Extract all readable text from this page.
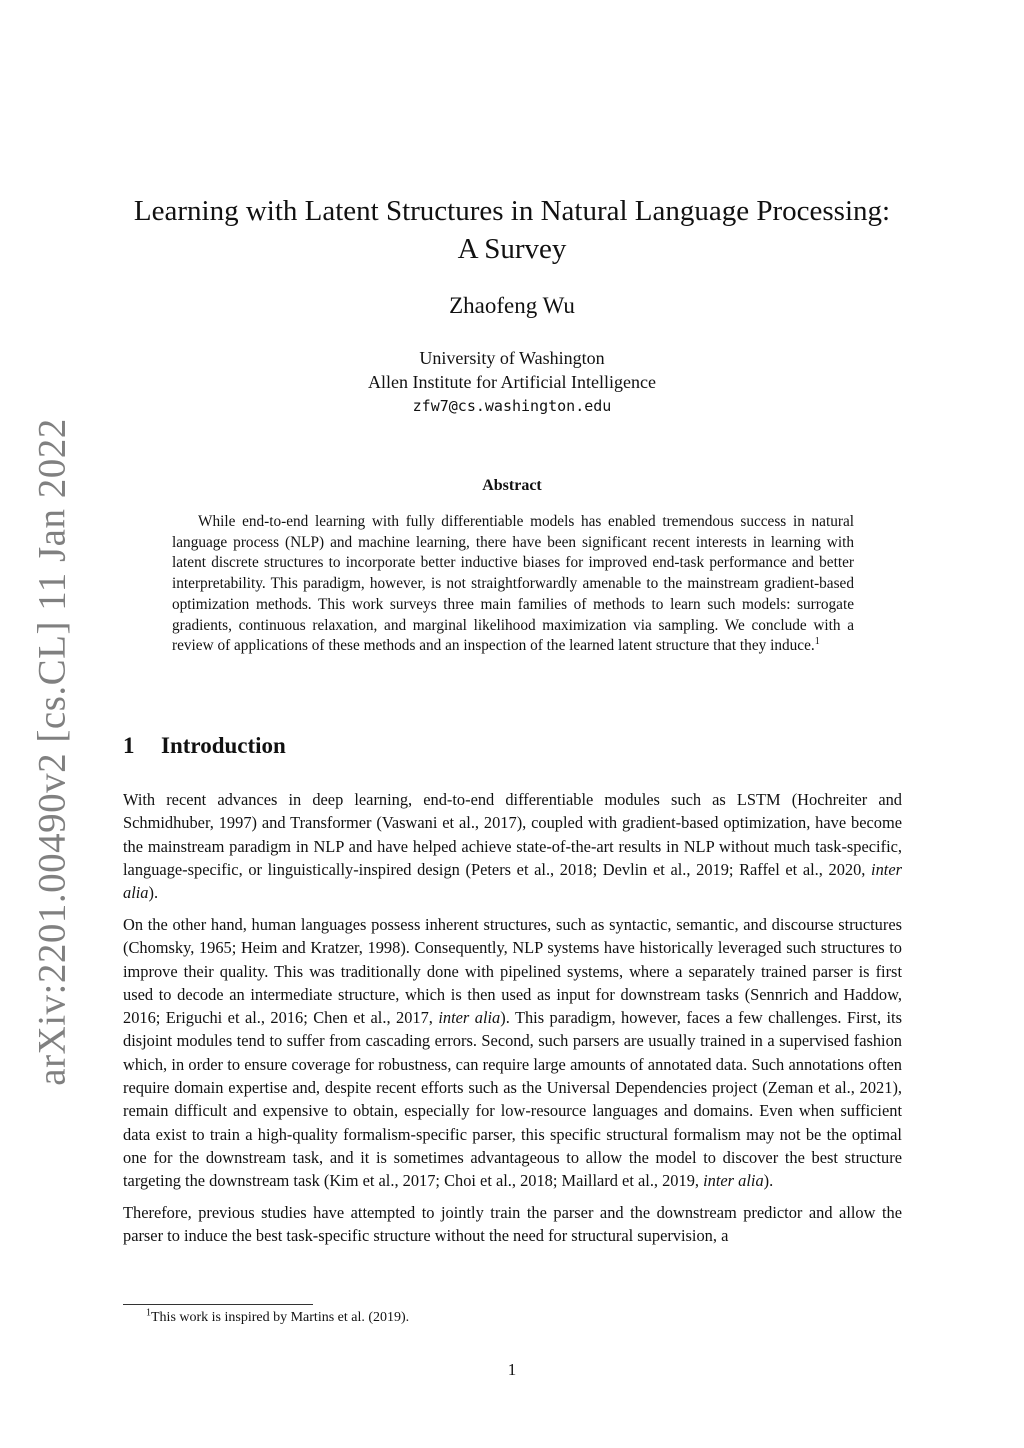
arXiv:2201.00490v2 [cs.CL] 11 Jan 2022
Learning with Latent Structures in Natural Language Processing:
A Survey
Zhaofeng Wu
University of Washington
Allen Institute for Artificial Intelligence
zfw7@cs.washington.edu
Abstract
While end-to-end learning with fully differentiable models has enabled tremendous success in natural language process (NLP) and machine learning, there have been significant recent interests in learning with latent discrete structures to incorporate better inductive biases for improved end-task performance and better interpretability. This paradigm, however, is not straightforwardly amenable to the mainstream gradient-based optimization methods. This work surveys three main families of methods to learn such models: surrogate gradients, continuous relaxation, and marginal likelihood maximization via sampling. We conclude with a review of applications of these methods and an inspection of the learned latent structure that they induce.$^1$
1 Introduction

With recent advances in deep learning, end-to-end differentiable modules such as LSTM (Hochreiter and Schmidhuber, 1997) and Transformer (Vaswani et al., 2017), coupled with gradient-based optimization, have become the mainstream paradigm in NLP and have helped achieve state-of-the-art results in NLP without much task-specific, language-specific, or linguistically-inspired design (Peters et al., 2018; Devlin et al., 2019; Raffel et al., 2020, inter alia).

On the other hand, human languages possess inherent structures, such as syntactic, semantic, and discourse structures (Chomsky, 1965; Heim and Kratzer, 1998). Consequently, NLP systems have historically leveraged such structures to improve their quality. This was traditionally done with pipelined systems, where a separately trained parser is first used to decode an intermediate structure, which is then used as input for downstream tasks (Sennrich and Haddow, 2016; Eriguchi et al., 2016; Chen et al., 2017, inter alia). This paradigm, however, faces a few challenges. First, its disjoint modules tend to suffer from cascading errors. Second, such parsers are usually trained in a supervised fashion which, in order to ensure coverage for robustness, can require large amounts of annotated data. Such annotations often require domain expertise and, despite recent efforts such as the Universal Dependencies project (Zeman et al., 2021), remain difficult and expensive to obtain, especially for low-resource languages and domains. Even when sufficient data exist to train a high-quality formalism-specific parser, this specific structural formalism may not be the optimal one for the downstream task, and it is sometimes advantageous to allow the model to discover the best structure targeting the downstream task (Kim et al., 2017; Choi et al., 2018; Maillard et al., 2019, inter alia).

Therefore, previous studies have attempted to jointly train the parser and the downstream predictor and allow the parser to induce the best task-specific structure without the need for structural supervision, a

$^1$This work is inspired by Martins et al. (2019).
1
